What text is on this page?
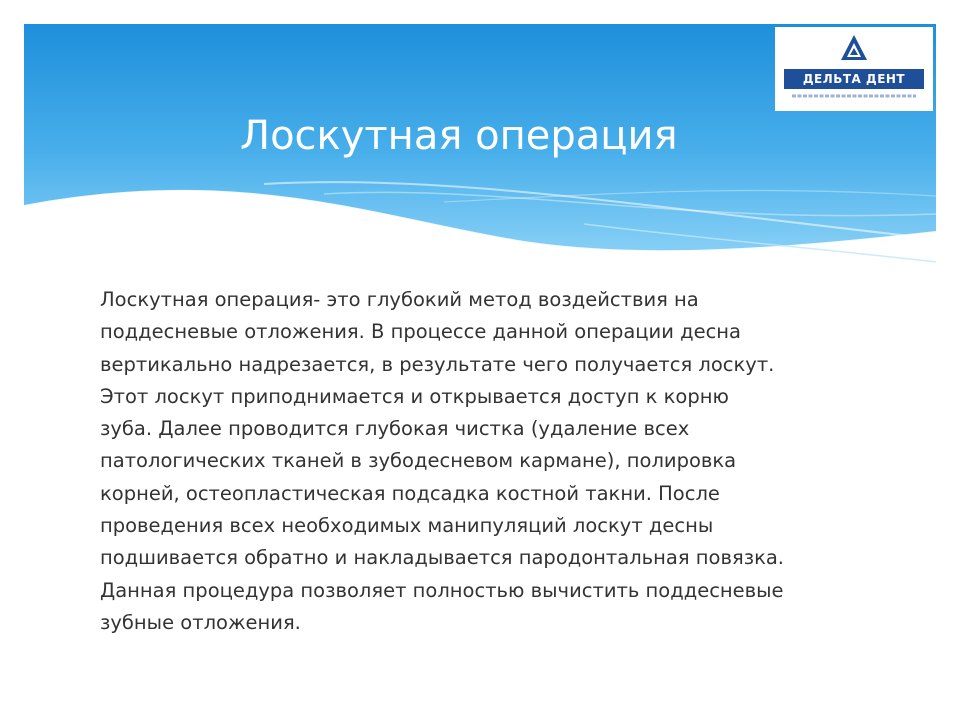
Лоскутная операция
ДЕЛЬТА ДЕНТ
Лоскутная операция- это глубокий метод воздействия на
поддесневые отложения. В процессе данной операции десна
вертикально надрезается, в результате чего получается лоскут.
Этот лоскут приподнимается и открывается доступ к корню
зуба. Далее проводится глубокая чистка (удаление всех
патологических тканей в зубодесневом кармане), полировка
корней, остеопластическая подсадка костной такни. После
проведения всех необходимых манипуляций лоскут десны
подшивается обратно и накладывается пародонтальная повязка.
Данная процедура позволяет полностью вычистить поддесневые
зубные отложения.
